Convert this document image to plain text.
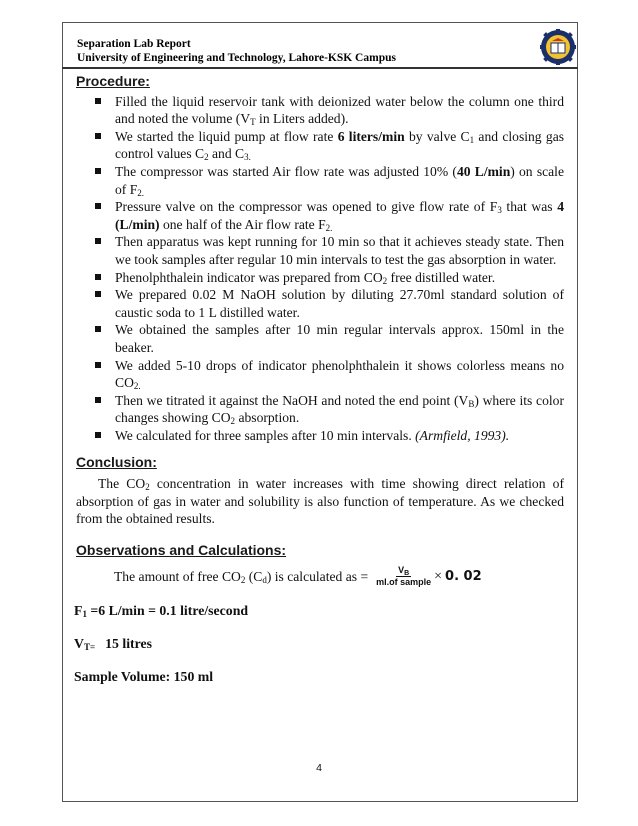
Separation Lab Report
University of Engineering and Technology, Lahore-KSK Campus
Procedure:
Filled the liquid reservoir tank with deionized water below the column one third and noted the volume ($V_T$ in Liters added).
We started the liquid pump at flow rate 6 liters/min by valve $C_1$ and closing gas control values $C_2$ and $C_{3.}$
The compressor was started Air flow rate was adjusted 10% (40 L/min) on scale of $F_{2.}$
Pressure valve on the compressor was opened to give flow rate of $F_3$ that was 4 (L/min) one half of the Air flow rate $F_{2.}$
Then apparatus was kept running for 10 min so that it achieves steady state. Then we took samples after regular 10 min intervals to test the gas absorption in water.
Phenolphthalein indicator was prepared from $CO_2$ free distilled water.
We prepared 0.02 M NaOH solution by diluting 27.70ml standard solution of caustic soda to 1 L distilled water.
We obtained the samples after 10 min regular intervals approx. 150ml in the beaker.
We added 5-10 drops of indicator phenolphthalein it shows colorless means no $CO_{2.}$
Then we titrated it against the NaOH and noted the end point $(V_B)$ where its color changes showing $CO_2$ absorption.
We calculated for three samples after 10 min intervals. (Armfield, 1993).
Conclusion:

The $CO_2$ concentration in water increases with time showing direct relation of absorption of gas in water and solubility is also function of temperature. As we checked from the obtained results.

Observations and Calculations:
The amount of free $CO_2$ $(C_d)$ is calculated as = $\frac{V_B}{\text{ml.of sample}} \times 0$. 02
$F_1 =6$ L/min = 0.1 litre/second
$V_{T=}$ 15 litres
Sample Volume: 150 ml
4
